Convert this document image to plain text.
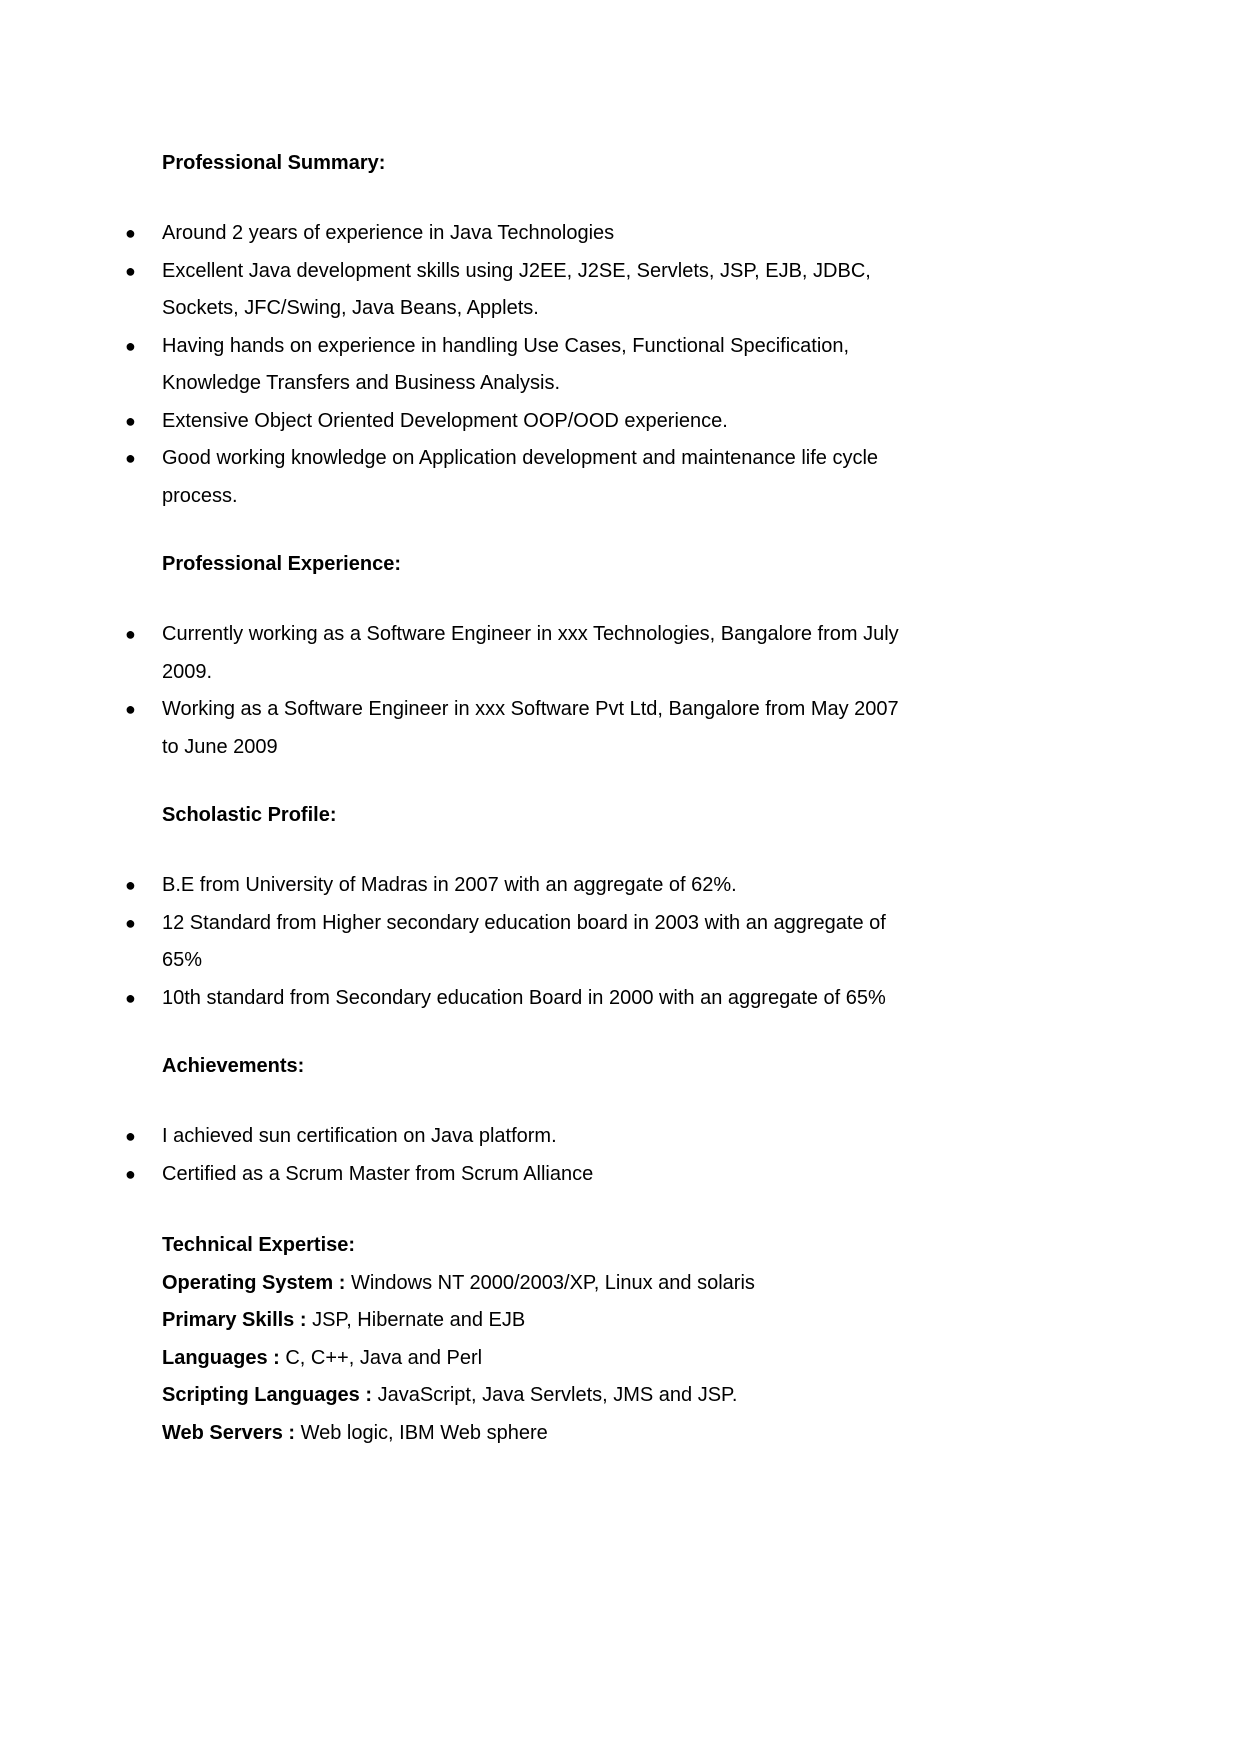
Professional Summary:

●	Around 2 years of experience in Java Technologies
●	Excellent Java development skills using J2EE, J2SE, Servlets, JSP, EJB, JDBC,
Sockets, JFC/Swing, Java Beans, Applets.
●	Having hands on experience in handling Use Cases, Functional Specification,
Knowledge Transfers and Business Analysis.
●	Extensive Object Oriented Development OOP/OOD experience.
●	Good working knowledge on Application development and maintenance life cycle
process.

Professional Experience:

●	Currently working as a Software Engineer in xxx Technologies, Bangalore from July
2009.
●	Working as a Software Engineer in xxx Software Pvt Ltd, Bangalore from May 2007
to June 2009

Scholastic Profile:

●	B.E from University of Madras in 2007 with an aggregate of 62%.
●	12 Standard from Higher secondary education board in 2003 with an aggregate of
65%
●	10th standard from Secondary education Board in 2000 with an aggregate of 65%

Achievements:

●	I achieved sun certification on Java platform.
●	Certified as a Scrum Master from Scrum Alliance
Technical Expertise:
Operating System : Windows NT 2000/2003/XP, Linux and solaris
Primary Skills : JSP, Hibernate and EJB
Languages : C, C++, Java and Perl
Scripting Languages : JavaScript, Java Servlets, JMS and JSP.
Web Servers : Web logic, IBM Web sphere
